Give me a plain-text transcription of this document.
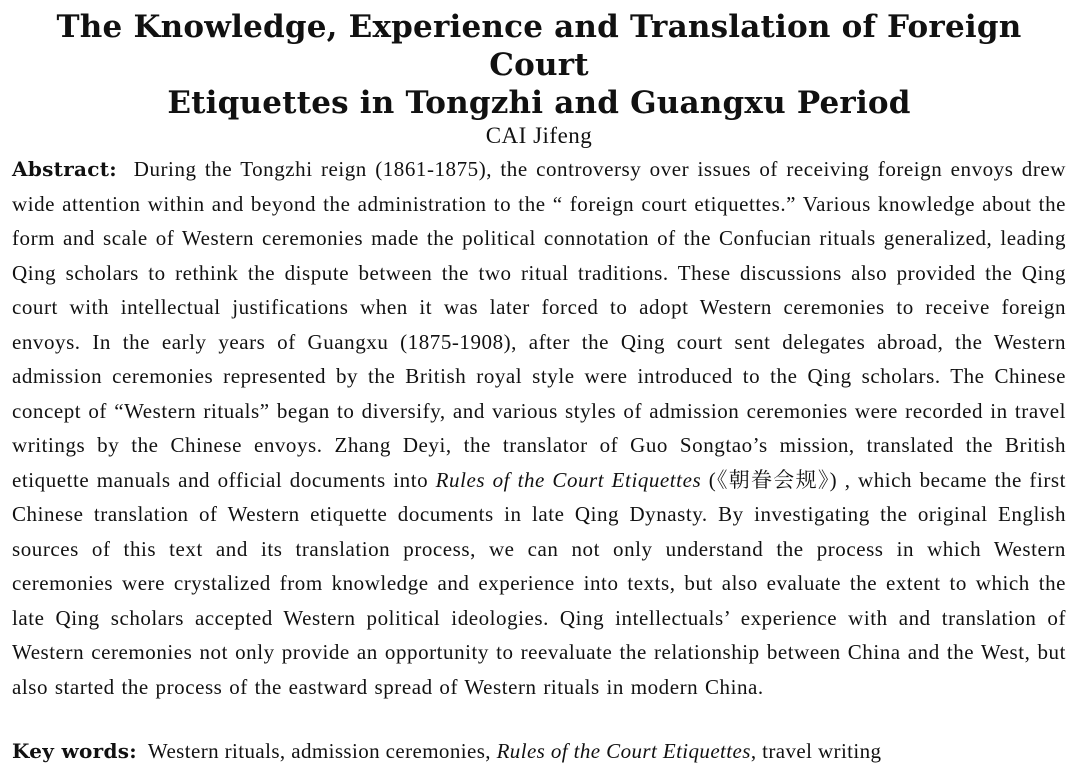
The Knowledge, Experience and Translation of Foreign Court
Etiquettes in Tongzhi and Guangxu Period
CAI Jifeng

Abstract: During the Tongzhi reign (1861-1875), the controversy over issues of receiving foreign envoys drew wide attention within and beyond the administration to the “ foreign court etiquettes.” Various knowledge about the form and scale of Western ceremonies made the political connotation of the Confucian rituals generalized, leading Qing scholars to rethink the dispute between the two ritual traditions. These discussions also provided the Qing court with intellectual justifications when it was later forced to adopt Western ceremonies to receive foreign envoys. In the early years of Guangxu (1875-1908), after the Qing court sent delegates abroad, the Western admission ceremonies represented by the British royal style were introduced to the Qing scholars. The Chinese concept of “Western rituals” began to diversify, and various styles of admission ceremonies were recorded in travel writings by the Chinese envoys. Zhang Deyi, the translator of Guo Songtao’s mission, translated the British etiquette manuals and official documents into Rules of the Court Etiquettes (《朝眷会规》) , which became the first Chinese translation of Western etiquette documents in late Qing Dynasty. By investigating the original English sources of this text and its translation process, we can not only understand the process in which Western ceremonies were crystalized from knowledge and experience into texts, but also evaluate the extent to which the late Qing scholars accepted Western political ideologies. Qing intellectuals’ experience with and translation of Western ceremonies not only provide an opportunity to reevaluate the relationship between China and the West, but also started the process of the eastward spread of Western rituals in modern China.

Key words: Western rituals, admission ceremonies, Rules of the Court Etiquettes, travel writing
